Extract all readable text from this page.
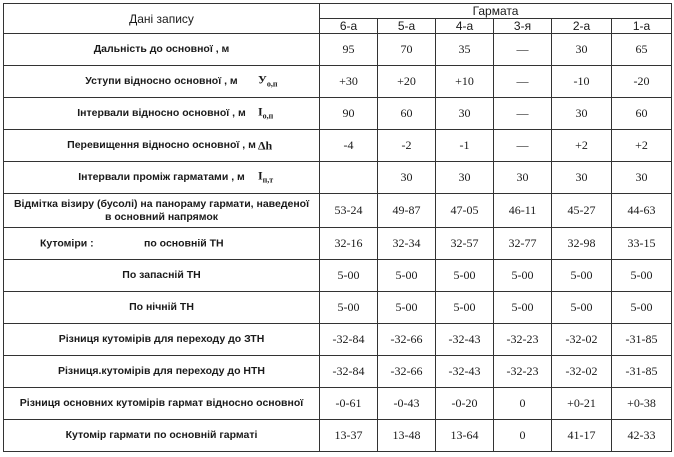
Дані запису	Гармата					
	6-а	5-а	4-а	3-я	2-а	1-а
Дальність до основної , м	95	70	35	—	30	65
Уступи відносно основної , м $У_{о,п}$	+30	+20	+10	—	-10	-20
Інтервали відносно основної , м $І_{о,п}$	90	60	30	—	30	60
Перевищення відносно основної , м Δh	-4	-2	-1	—	+2	+2
Інтервали проміж гарматами , м $І_{п,т}$		30	30	30	30	30
Відмітка візиру (бусолі) на панораму гармати, наведеної в основний напрямок	53-24	49-87	47-05	46-11	45-27	44-63

Кутоміри : по основній ТН	32-16	32-34	32-57	32-77	32-98	33-15
По запасній ТН	5-00	5-00	5-00	5-00	5-00	5-00
По нічній ТН	5-00	5-00	5-00	5-00	5-00	5-00
Різниця кутомірів для переходу до ЗТН	-32-84	-32-66	-32-43	-32-23	-32-02	-31-85
Різниця.кутомірів для переходу до НТН	-32-84	-32-66	-32-43	-32-23	-32-02	-31-85
Різниця основних кутомірів гармат відносно основної	-0-61	-0-43	-0-20	0	+0-21	+0-38
Кутомір гармати по основній гарматі	13-37	13-48	13-64	0	41-17	42-33
